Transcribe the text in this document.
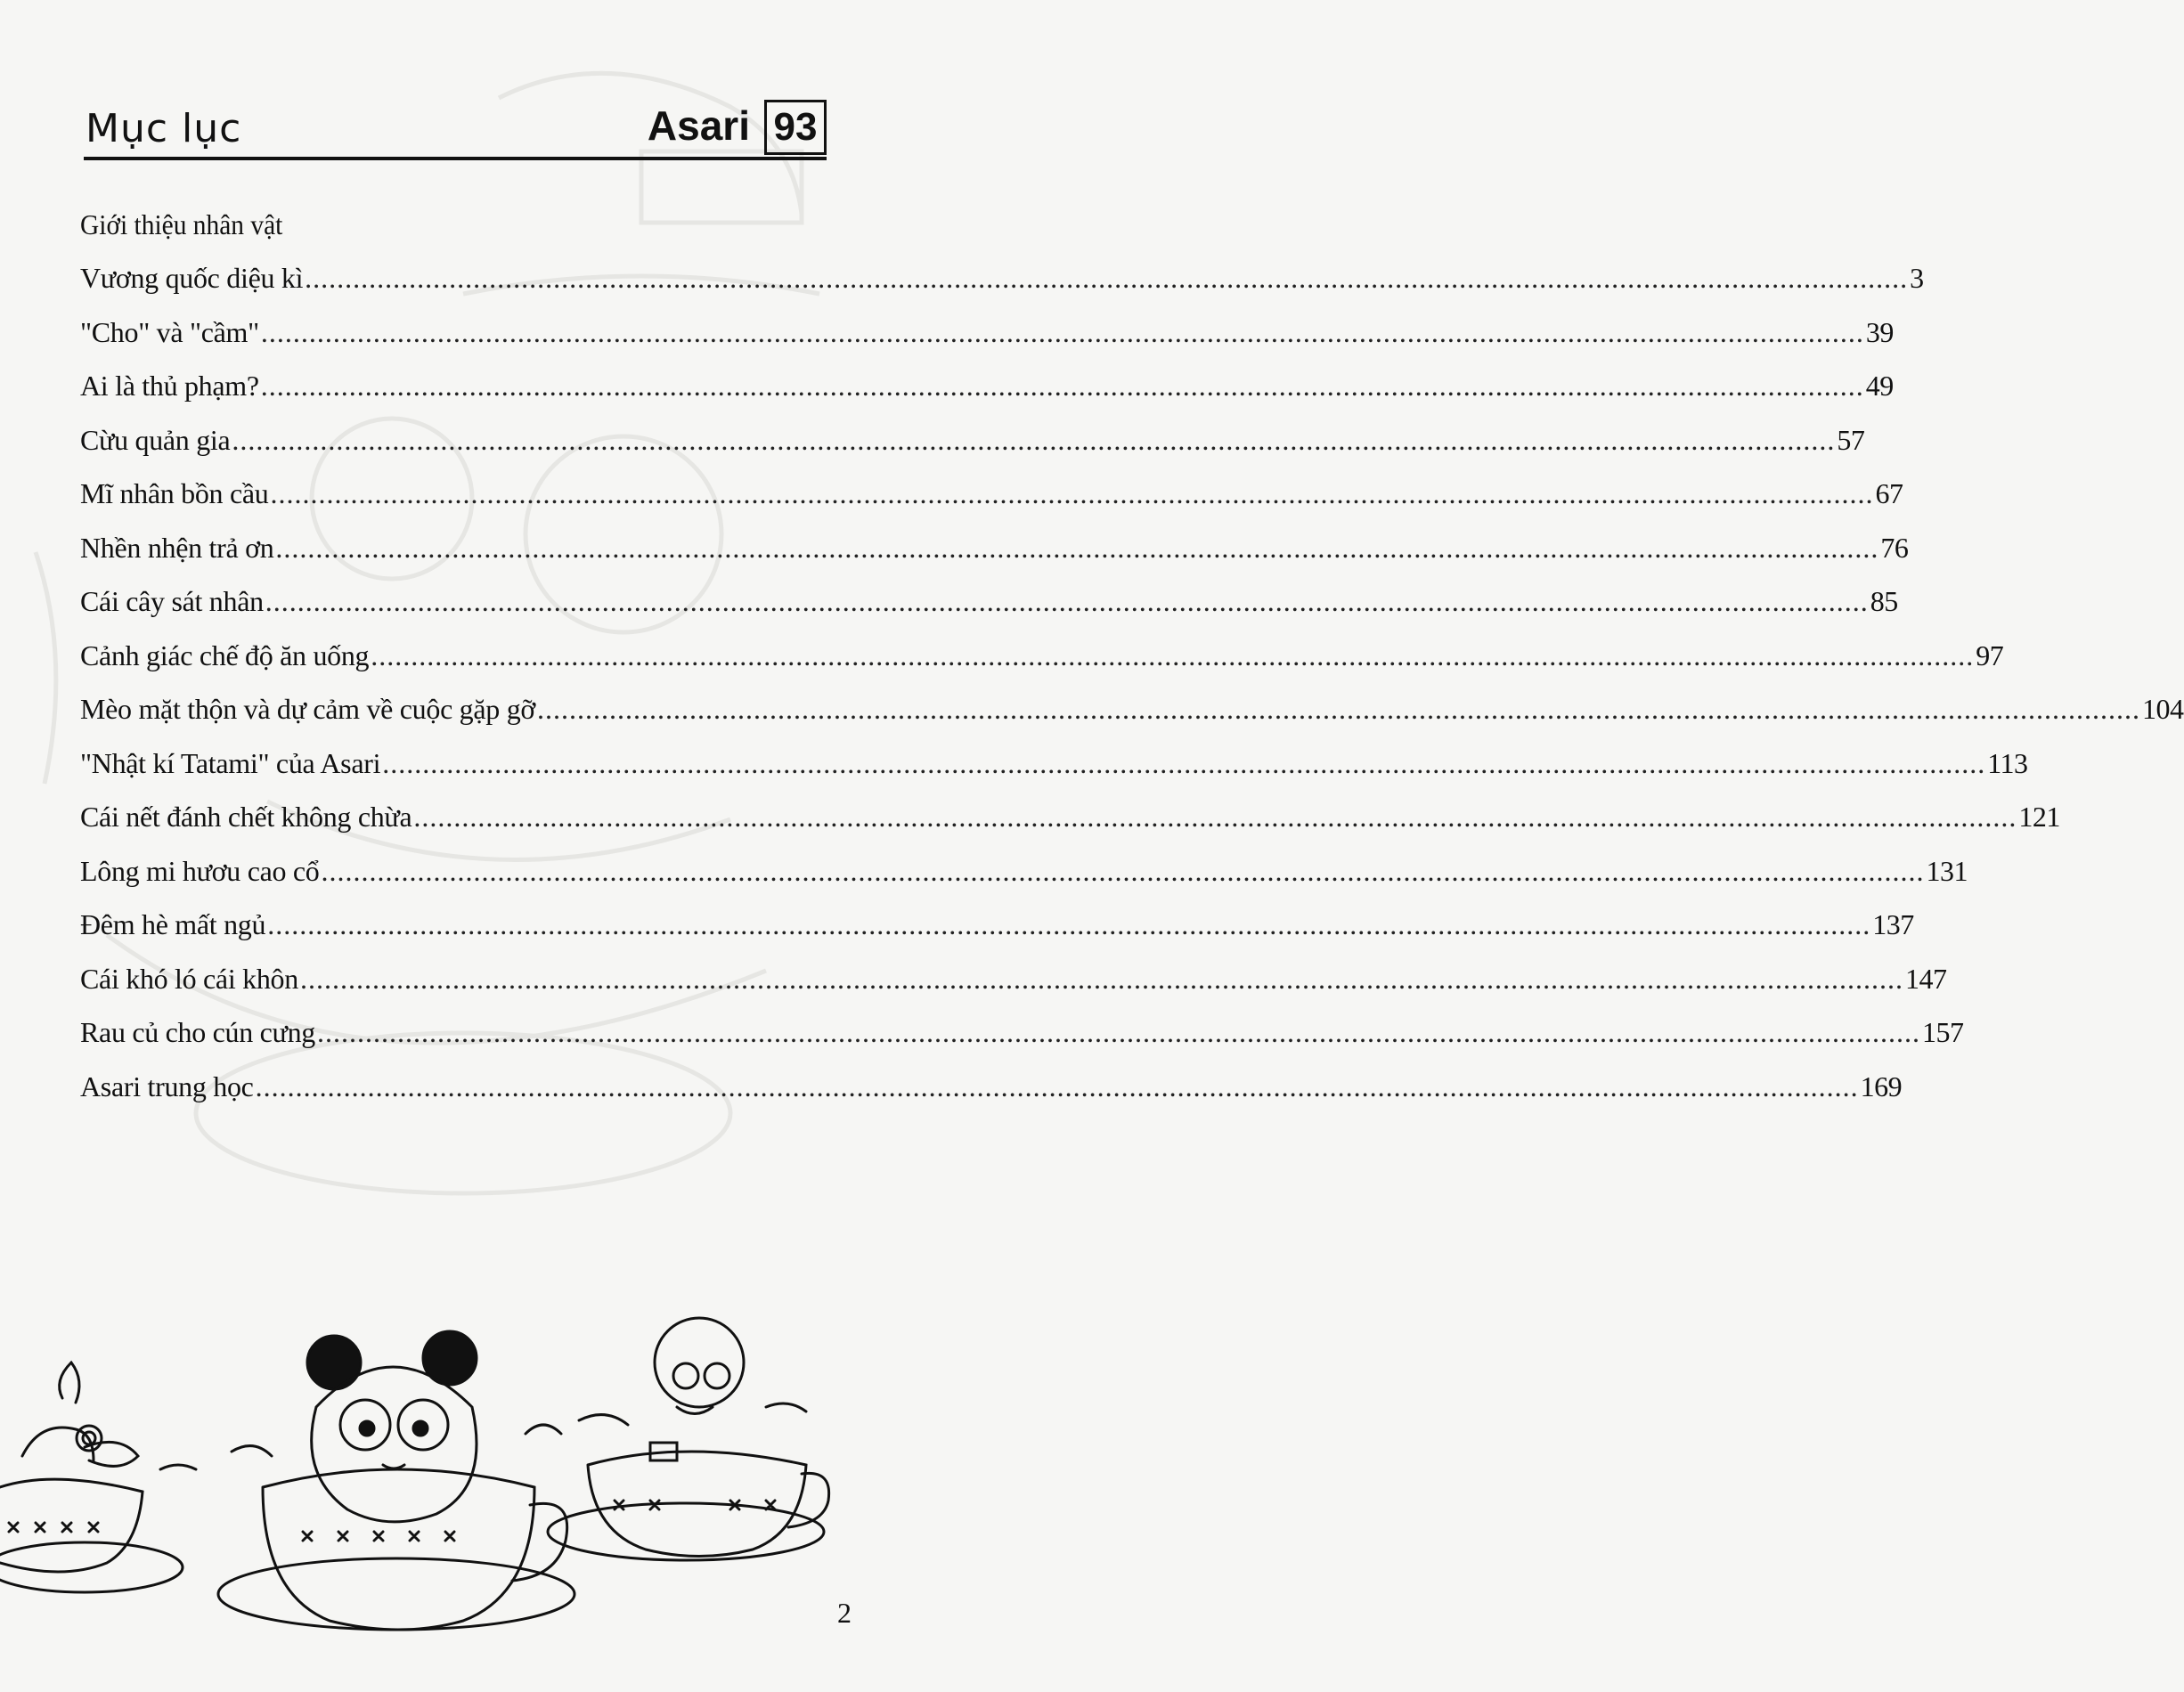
Mục lục	Asari 93
Giới thiệu nhân vật
Vương quốc diệu kì ........................................................................................................................................................................................................ 3
"Cho" và "cầm" ........................................................................................................................................................................................................ 39
Ai là thủ phạm? ........................................................................................................................................................................................................ 49
Cừu quản gia ........................................................................................................................................................................................................ 57
Mĩ nhân bồn cầu ........................................................................................................................................................................................................ 67
Nhền nhện trả ơn ........................................................................................................................................................................................................ 76
Cái cây sát nhân ........................................................................................................................................................................................................ 85
Cảnh giác chế độ ăn uống ........................................................................................................................................................................................................ 97
Mèo mặt thộn và dự cảm về cuộc gặp gỡ ........................................................................................................................................................................................................ 104
"Nhật kí Tatami" của Asari ........................................................................................................................................................................................................ 113
Cái nết đánh chết không chừa ........................................................................................................................................................................................................ 121
Lông mi hươu cao cổ ........................................................................................................................................................................................................ 131
Đêm hè mất ngủ ........................................................................................................................................................................................................ 137
Cái khó ló cái khôn ........................................................................................................................................................................................................ 147
Rau củ cho cún cưng ........................................................................................................................................................................................................ 157
Asari trung học ........................................................................................................................................................................................................ 169
2
